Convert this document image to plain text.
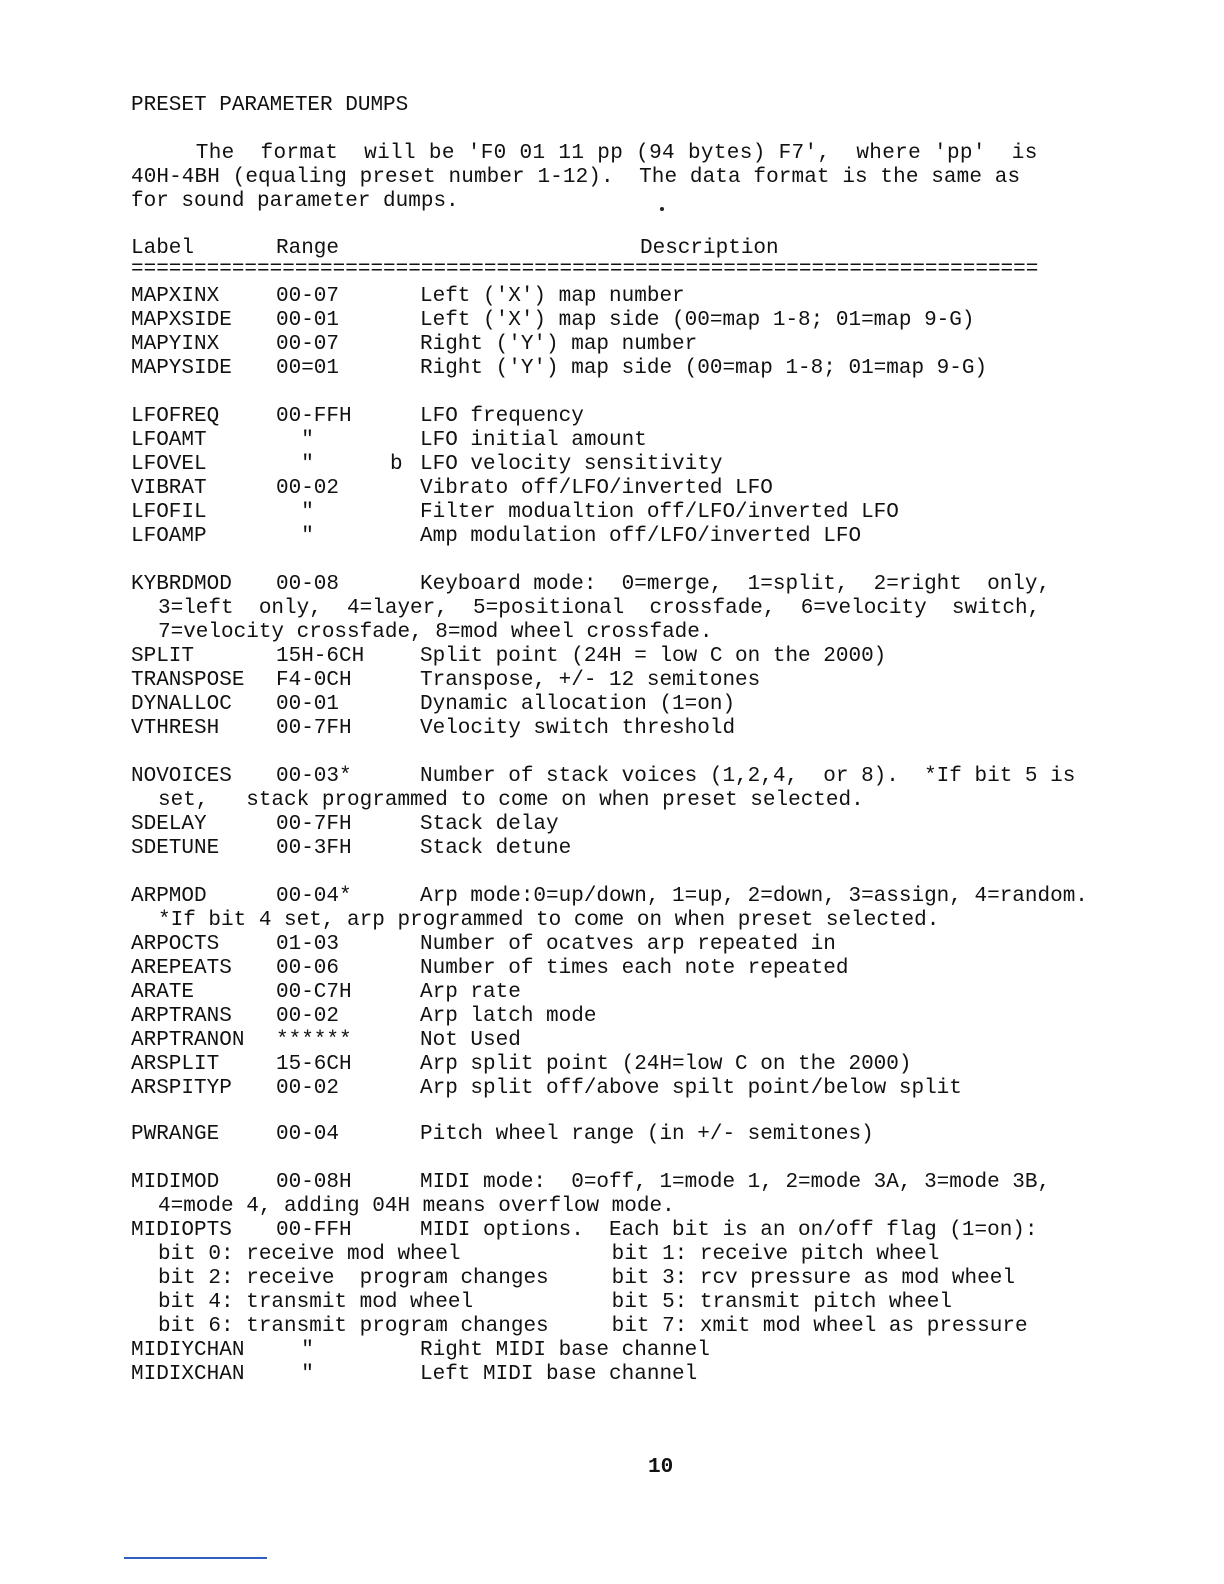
PRESET PARAMETER DUMPS
The  format  will be 'F0 01 11 pp (94 bytes) F7',  where 'pp'  is
40H-4BH (equaling preset number 1-12).  The data format is the same as
for sound parameter dumps.
Label	Range	Description
========================================================================
MAPXINX	00-07	Left ('X') map number
MAPXSIDE 00-01	Left ('X') map side (00=map 1-8; 01=map 9-G)
MAPYINX	00-07	Right ('Y') map number
MAPYSIDE 00=01	Right ('Y') map side (00=map 1-8; 01=map 9-G)
LFOFREQ	00-FFH	LFO frequency
LFOAMT	"	LFO initial amount
LFOVEL	"	LFO velocity sensitivity
b
VIBRAT	00-02	Vibrato off/LFO/inverted LFO
LFOFIL	"	Filter modualtion off/LFO/inverted LFO
LFOAMP	"	Amp modulation off/LFO/inverted LFO
KYBRDMOD 00-08	Keyboard mode:  0=merge,  1=split,  2=right  only,
3=left  only,  4=layer,  5=positional  crossfade,  6=velocity  switch,
7=velocity crossfade, 8=mod wheel crossfade.
SPLIT	15H-6CH	Split point (24H = low C on the 2000)
TRANSPOSE F4-0CH	Transpose, +/- 12 semitones
DYNALLOC 00-01	Dynamic allocation (1=on)
VTHRESH	00-7FH	Velocity switch threshold
NOVOICES 00-03*	Number of stack voices (1,2,4,  or 8).  *If bit 5 is
set,   stack programmed to come on when preset selected.
SDELAY	00-7FH	Stack delay
SDETUNE	00-3FH	Stack detune
ARPMOD	00-04*	Arp mode:0=up/down, 1=up, 2=down, 3=assign, 4=random.
*If bit 4 set, arp programmed to come on when preset selected.
ARPOCTS	01-03	Number of ocatves arp repeated in
AREPEATS 00-06	Number of times each note repeated
ARATE	00-C7H	Arp rate
ARPTRANS 00-02	Arp latch mode
ARPTRANON ******	Not Used
ARSPLIT	15-6CH	Arp split point (24H=low C on the 2000)
ARSPITYP 00-02	Arp split off/above spilt point/below split
PWRANGE	00-04	Pitch wheel range (in +/- semitones)
MIDIMOD	00-08H	MIDI mode:  0=off, 1=mode 1, 2=mode 3A, 3=mode 3B,
4=mode 4, adding 04H means overflow mode.
MIDIOPTS 00-FFH	MIDI options.  Each bit is an on/off flag (1=on):
bit 0: receive mod wheel            bit 1: receive pitch wheel
bit 2: receive  program changes     bit 3: rcv pressure as mod wheel
bit 4: transmit mod wheel           bit 5: transmit pitch wheel
bit 6: transmit program changes     bit 7: xmit mod wheel as pressure
MIDIYCHAN "	Right MIDI base channel
MIDIXCHAN "	Left MIDI base channel
10
